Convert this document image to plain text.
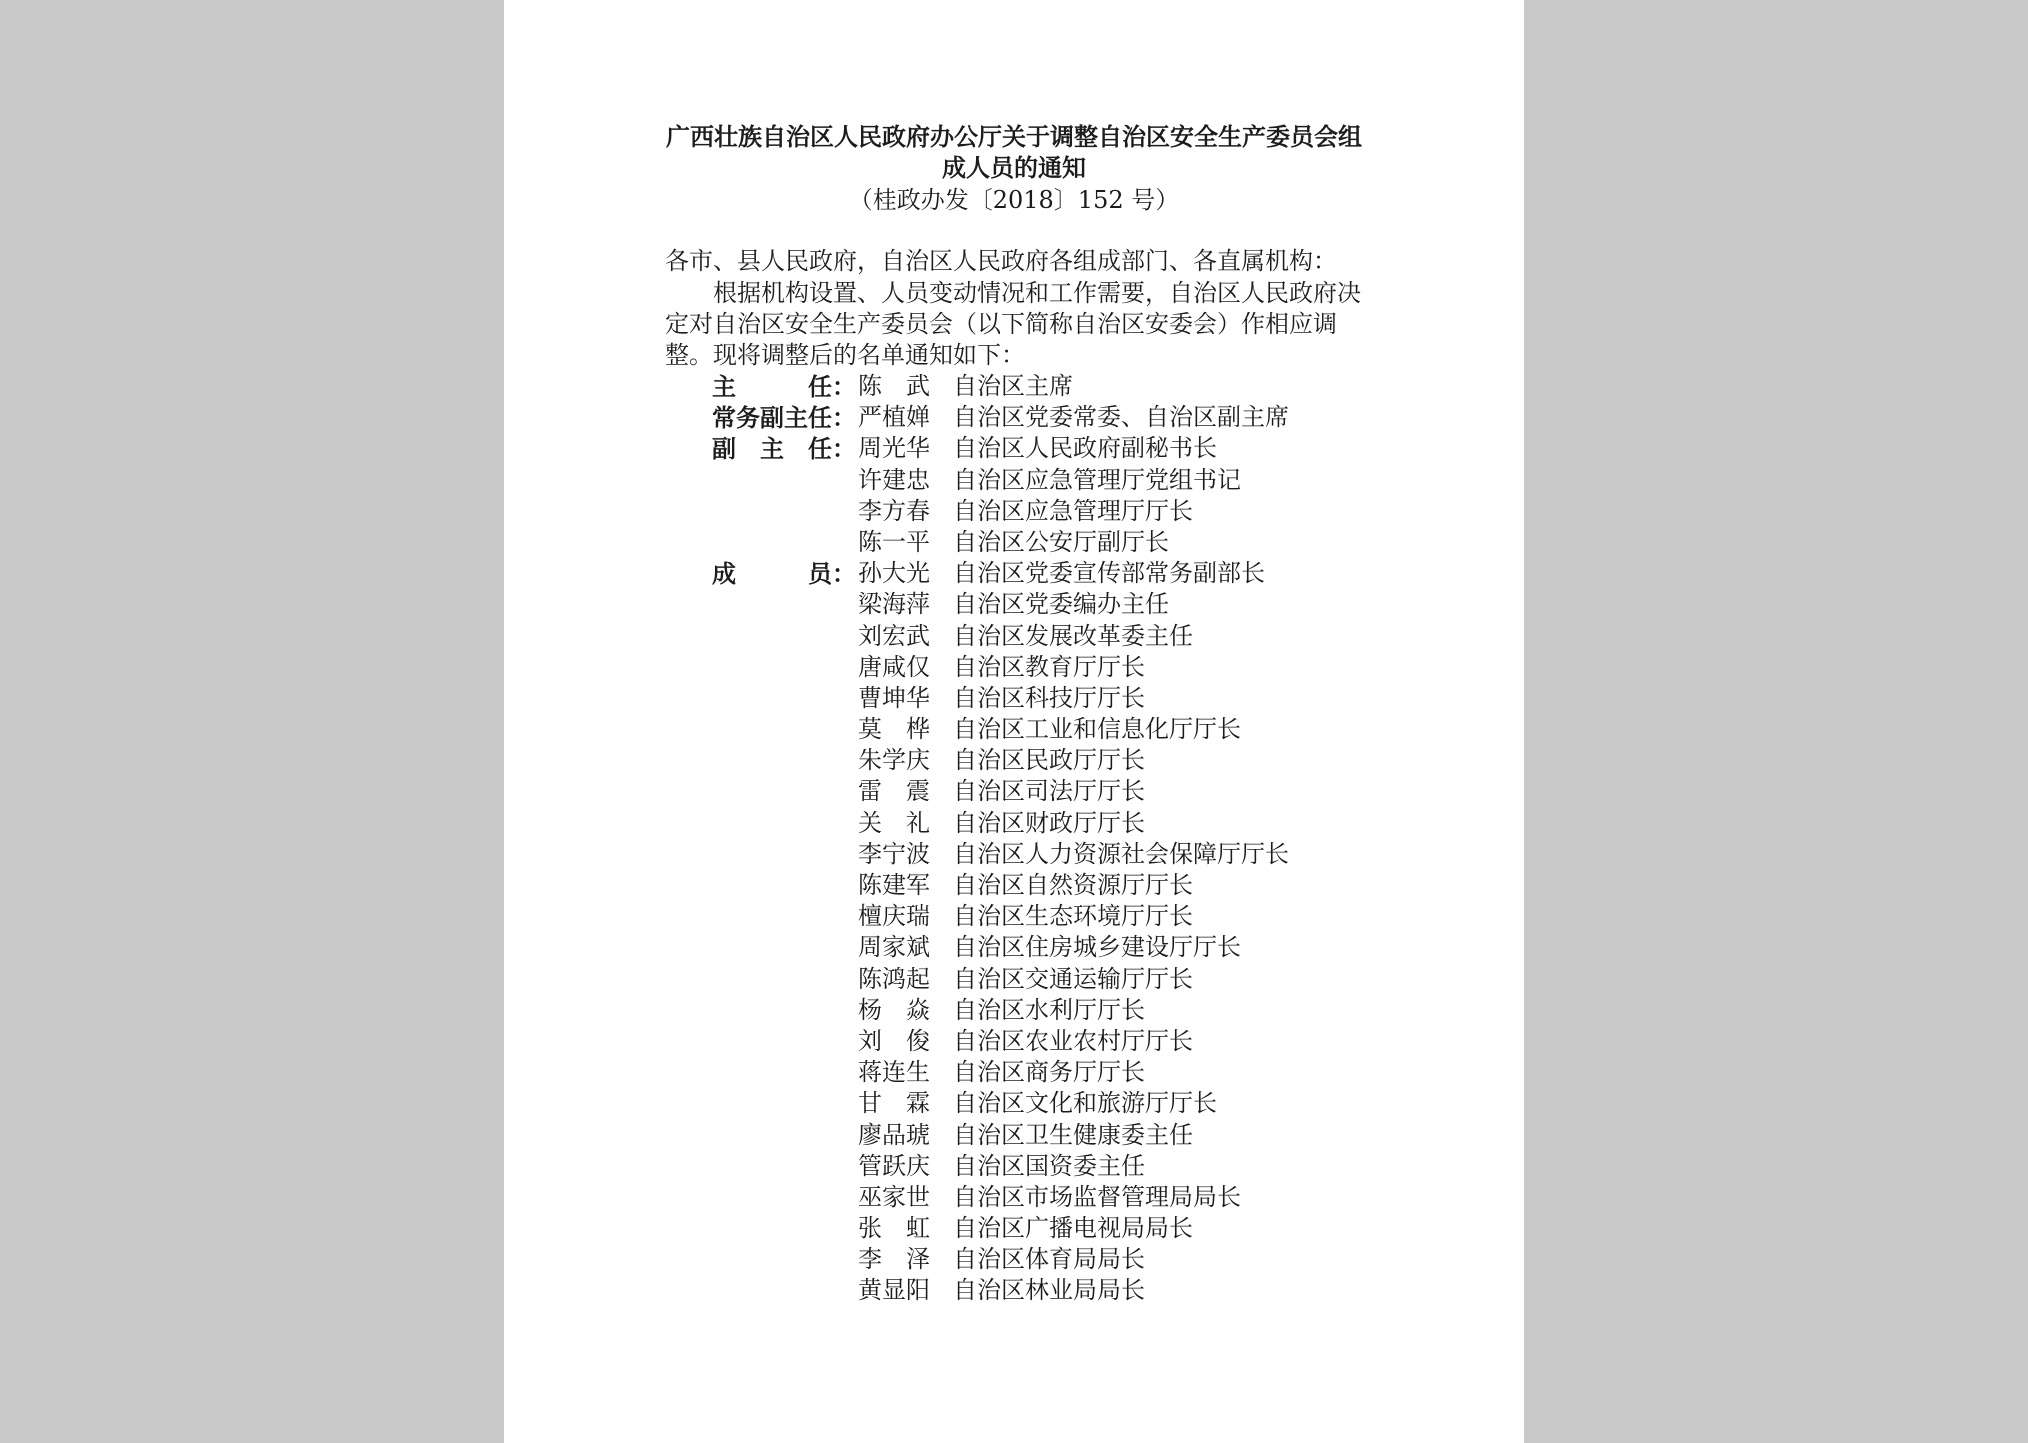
广西壮族自治区人民政府办公厅关于调整自治区安全生产委员会组
成人员的通知
（桂政办发〔2018〕152 号）
各市、县人民政府，自治区人民政府各组成部门、各直属机构：
根据机构设置、人员变动情况和工作需要，自治区人民政府决
定对自治区安全生产委员会（以下简称自治区安委会）作相应调
整。现将调整后的名单通知如下：
主　　　任： 陈　武 自治区主席
常务副主任： 严植婵 自治区党委常委、自治区副主席
副　主　任： 周光华 自治区人民政府副秘书长
许建忠 自治区应急管理厅党组书记
李方春 自治区应急管理厅厅长
陈一平 自治区公安厅副厅长
成　　　员： 孙大光 自治区党委宣传部常务副部长
梁海萍 自治区党委编办主任
刘宏武 自治区发展改革委主任
唐咸仅 自治区教育厅厅长
曹坤华 自治区科技厅厅长
莫　桦 自治区工业和信息化厅厅长
朱学庆 自治区民政厅厅长
雷　震 自治区司法厅厅长
关　礼 自治区财政厅厅长
李宁波 自治区人力资源社会保障厅厅长
陈建军 自治区自然资源厅厅长
檀庆瑞 自治区生态环境厅厅长
周家斌 自治区住房城乡建设厅厅长
陈鸿起 自治区交通运输厅厅长
杨　焱 自治区水利厅厅长
刘　俊 自治区农业农村厅厅长
蒋连生 自治区商务厅厅长
甘　霖 自治区文化和旅游厅厅长
廖品琥 自治区卫生健康委主任
管跃庆 自治区国资委主任
巫家世 自治区市场监督管理局局长
张　虹 自治区广播电视局局长
李　泽 自治区体育局局长
黄显阳 自治区林业局局长
